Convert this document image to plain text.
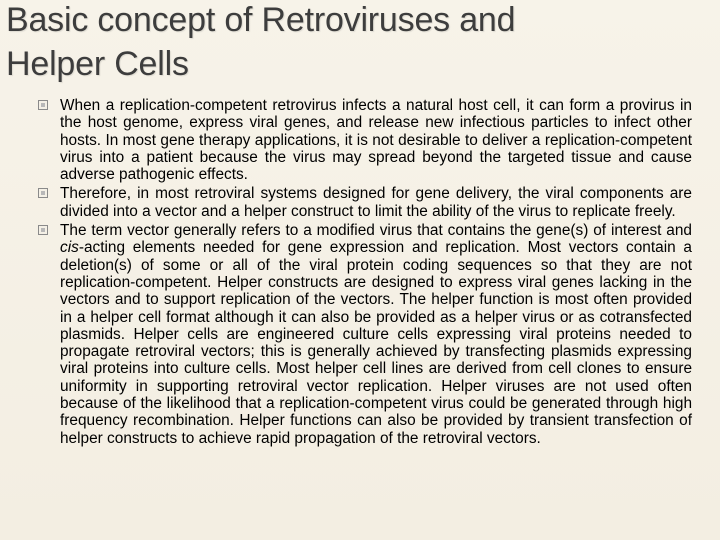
Basic concept of Retroviruses and
Helper Cells
When a replication-competent retrovirus infects a natural host cell, it can form a provirus in the host genome, express viral genes, and release new infectious particles to infect other hosts. In most gene therapy applications, it is not desirable to deliver a replication-competent virus into a patient because the virus may spread beyond the targeted tissue and cause adverse pathogenic effects.
Therefore, in most retroviral systems designed for gene delivery, the viral components are divided into a vector and a helper construct to limit the ability of the virus to replicate freely.
The term vector generally refers to a modified virus that contains the gene(s) of interest and cis-acting elements needed for gene expression and replication. Most vectors contain a deletion(s) of some or all of the viral protein coding sequences so that they are not replication-competent. Helper constructs are designed to express viral genes lacking in the vectors and to support replication of the vectors. The helper function is most often provided in a helper cell format although it can also be provided as a helper virus or as cotransfected plasmids. Helper cells are engineered culture cells expressing viral proteins needed to propagate retroviral vectors; this is generally achieved by transfecting plasmids expressing viral proteins into culture cells. Most helper cell lines are derived from cell clones to ensure uniformity in supporting retroviral vector replication. Helper viruses are not used often because of the likelihood that a replication-competent virus could be generated through high frequency recombination. Helper functions can also be provided by transient transfection of helper constructs to achieve rapid propagation of the retroviral vectors.
